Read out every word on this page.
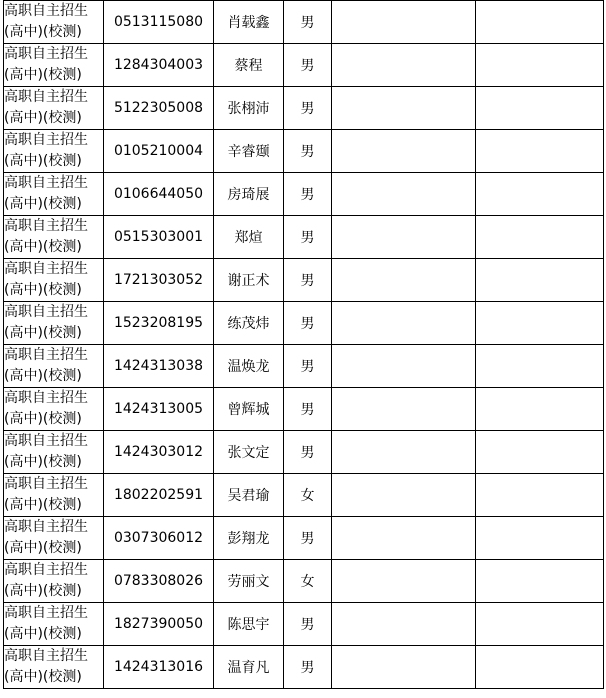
高职自主招生
(高中)(校测)	0513115080	肖载鑫	男		

高职自主招生
(高中)(校测)	1284304003	蔡程	男		

高职自主招生
(高中)(校测)	5122305008	张栩沛	男		

高职自主招生
(高中)(校测)	0105210004	辛睿颋	男		

高职自主招生
(高中)(校测)	0106644050	房琦展	男		

高职自主招生
(高中)(校测)	0515303001	郑煊	男		

高职自主招生
(高中)(校测)	1721303052	谢正术	男		

高职自主招生
(高中)(校测)	1523208195	练茂炜	男		

高职自主招生
(高中)(校测)	1424313038	温焕龙	男		

高职自主招生
(高中)(校测)	1424313005	曾辉城	男		

高职自主招生
(高中)(校测)	1424303012	张文定	男		

高职自主招生
(高中)(校测)	1802202591	吴君瑜	女		

高职自主招生
(高中)(校测)	0307306012	彭翔龙	男		

高职自主招生
(高中)(校测)	0783308026	劳丽文	女		

高职自主招生
(高中)(校测)	1827390050	陈思宇	男		

高职自主招生
(高中)(校测)	1424313016	温育凡	男		
